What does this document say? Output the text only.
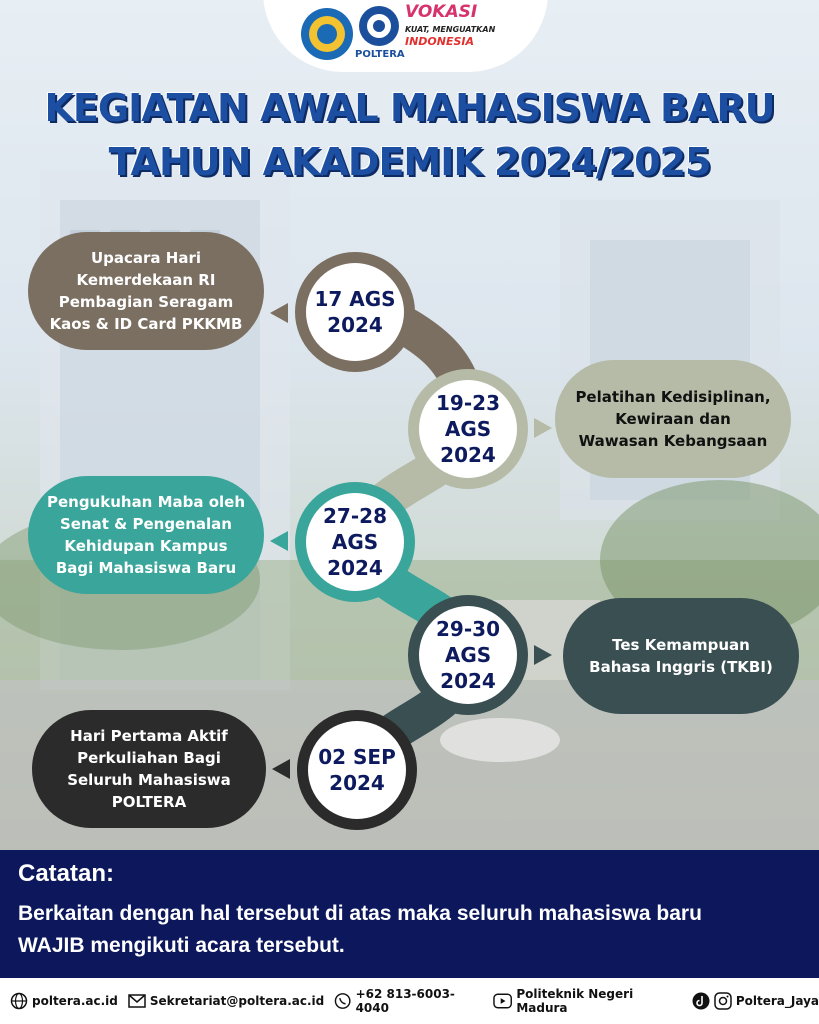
POLTERA
VOKASI
KUAT, MENGUATKAN
INDONESIA
KEGIATAN AWAL MAHASISWA BARU
TAHUN AKADEMIK 2024/2025
Upacara Hari
Kemerdekaan RI
Pembagian Seragam
Kaos & ID Card PKKMB
17 AGS
2024
19-23
AGS
2024
Pelatihan Kedisiplinan,
Kewiraan dan
Wawasan Kebangsaan
Pengukuhan Maba oleh
Senat & Pengenalan
Kehidupan Kampus
Bagi Mahasiswa Baru
27-28
AGS
2024
29-30
AGS
2024
Tes Kemampuan
Bahasa Inggris (TKBI)
Hari Pertama Aktif
Perkuliahan Bagi
Seluruh Mahasiswa
POLTERA
02 SEP
2024
Catatan:
Berkaitan dengan hal tersebut di atas maka seluruh mahasiswa baru
WAJIB mengikuti acara tersebut.
poltera.ac.id	Sekretariat@poltera.ac.id	+62 813-6003-4040
Politeknik Negeri Madura	Poltera_Jaya
